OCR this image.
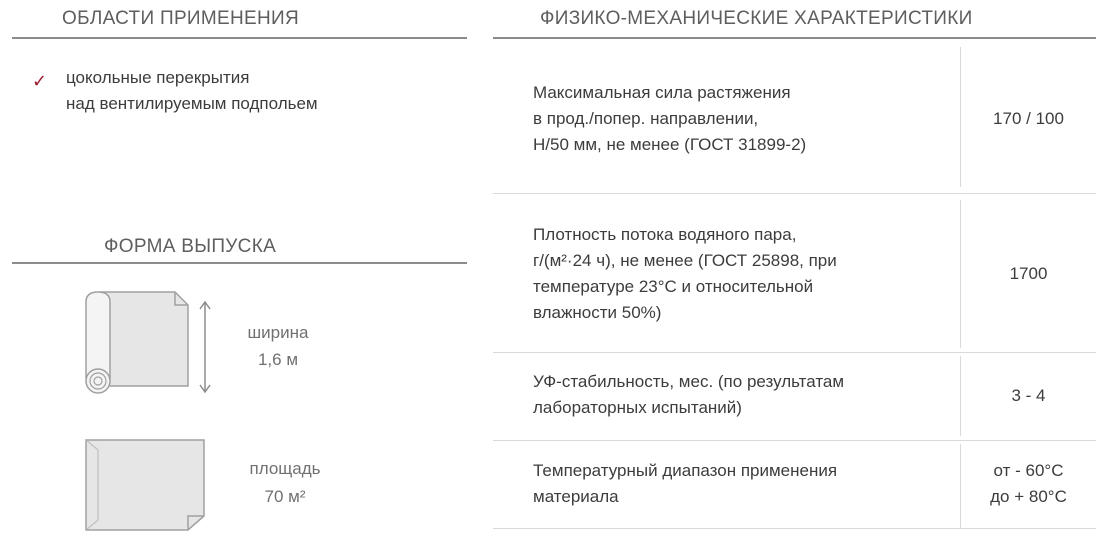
ОБЛАСТИ ПРИМЕНЕНИЯ
✓ цокольные перекрытия
над вентилируемым подпольем
ФОРМА ВЫПУСКА
ширина
1,6 м
площадь
70 м²
ФИЗИКО-МЕХАНИЧЕСКИЕ ХАРАКТЕРИСТИКИ
Максимальная сила растяжения
в прод./попер. направлении,
Н/50 мм, не менее (ГОСТ 31899-2)
170 / 100
Плотность потока водяного пара,
г/(м²·24 ч), не менее (ГОСТ 25898, при
температуре 23°С и относительной
влажности 50%)
1700
УФ-стабильность, мес. (по результатам
лабораторных испытаний)
3 - 4
Температурный диапазон применения
материала
от - 60°С
до + 80°С
